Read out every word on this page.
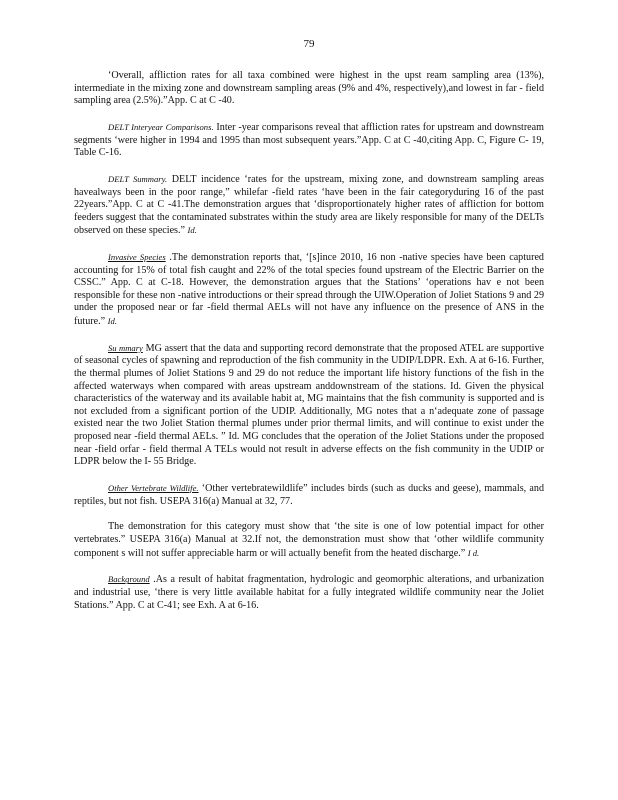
79

‘Overall, affliction rates for all taxa combined were highest in the upst ream sampling area (13%), intermediate in the mixing zone and downstream sampling areas (9% and 4%, respectively),and lowest in far - field sampling area (2.5%).”App. C at C -40.

DELT Interyear Comparisons. Inter -year comparisons reveal that affliction rates for upstream and downstream segments ‘were higher in 1994 and 1995 than most subsequent years.”App. C at C -40,citing App. C, Figure C- 19, Table C-16.

DELT Summary. DELT incidence ‘rates for the upstream, mixing zone, and downstream sampling areas havealways been in the poor range,” whilefar -field rates ‘have been in the fair categoryduring 16 of the past 22years.”App. C at C -41.The demonstration argues that ‘disproportionately higher rates of affliction for bottom feeders suggest that the contaminated substrates within the study area are likely responsible for many of the DELTs observed on these species.” Id.

Invasive Species .The demonstration reports that, ‘[s]ince 2010, 16 non -native species have been captured accounting for 15% of total fish caught and 22% of the total species found upstream of the Electric Barrier on the CSSC.” App. C at C-18. However, the demonstration argues that the Stations’ ‘operations hav e not been responsible for these non -native introductions or their spread through the UIW.Operation of Joliet Stations 9 and 29 under the proposed near or far -field thermal AELs will not have any influence on the presence of ANS in the future.” Id.

Su mmary MG assert that the data and supporting record demonstrate that the proposed ATEL are supportive of seasonal cycles of spawning and reproduction of the fish community in the UDIP/LDPR. Exh. A at 6-16. Further, the thermal plumes of Joliet Stations 9 and 29 do not reduce the important life history functions of the fish in the affected waterways when compared with areas upstream anddownstream of the stations. Id. Given the physical characteristics of the waterway and its available habit at, MG maintains that the fish community is supported and is not excluded from a significant portion of the UDIP. Additionally, MG notes that a n‘adequate zone of passage existed near the two Joliet Station thermal plumes under prior thermal limits, and will continue to exist under the proposed near -field thermal AELs. ” Id. MG concludes that the operation of the Joliet Stations under the proposed near -field orfar - field thermal A TELs would not result in adverse effects on the fish community in the UDIP or LDPR below the I- 55 Bridge.

Other Vertebrate Wildlife. ‘Other vertebratewildlife” includes birds (such as ducks and geese), mammals, and reptiles, but not fish. USEPA 316(a) Manual at 32, 77.

The demonstration for this category must show that ‘the site is one of low potential impact for other vertebrates.” USEPA 316(a) Manual at 32.If not, the demonstration must show that ‘other wildlife community component s will not suffer appreciable harm or will actually benefit from the heated discharge.” I d.

Background .As a result of habitat fragmentation, hydrologic and geomorphic alterations, and urbanization and industrial use, ‘there is very little available habitat for a fully integrated wildlife community near the Joliet Stations.” App. C at C-41; see Exh. A at 6-16.
